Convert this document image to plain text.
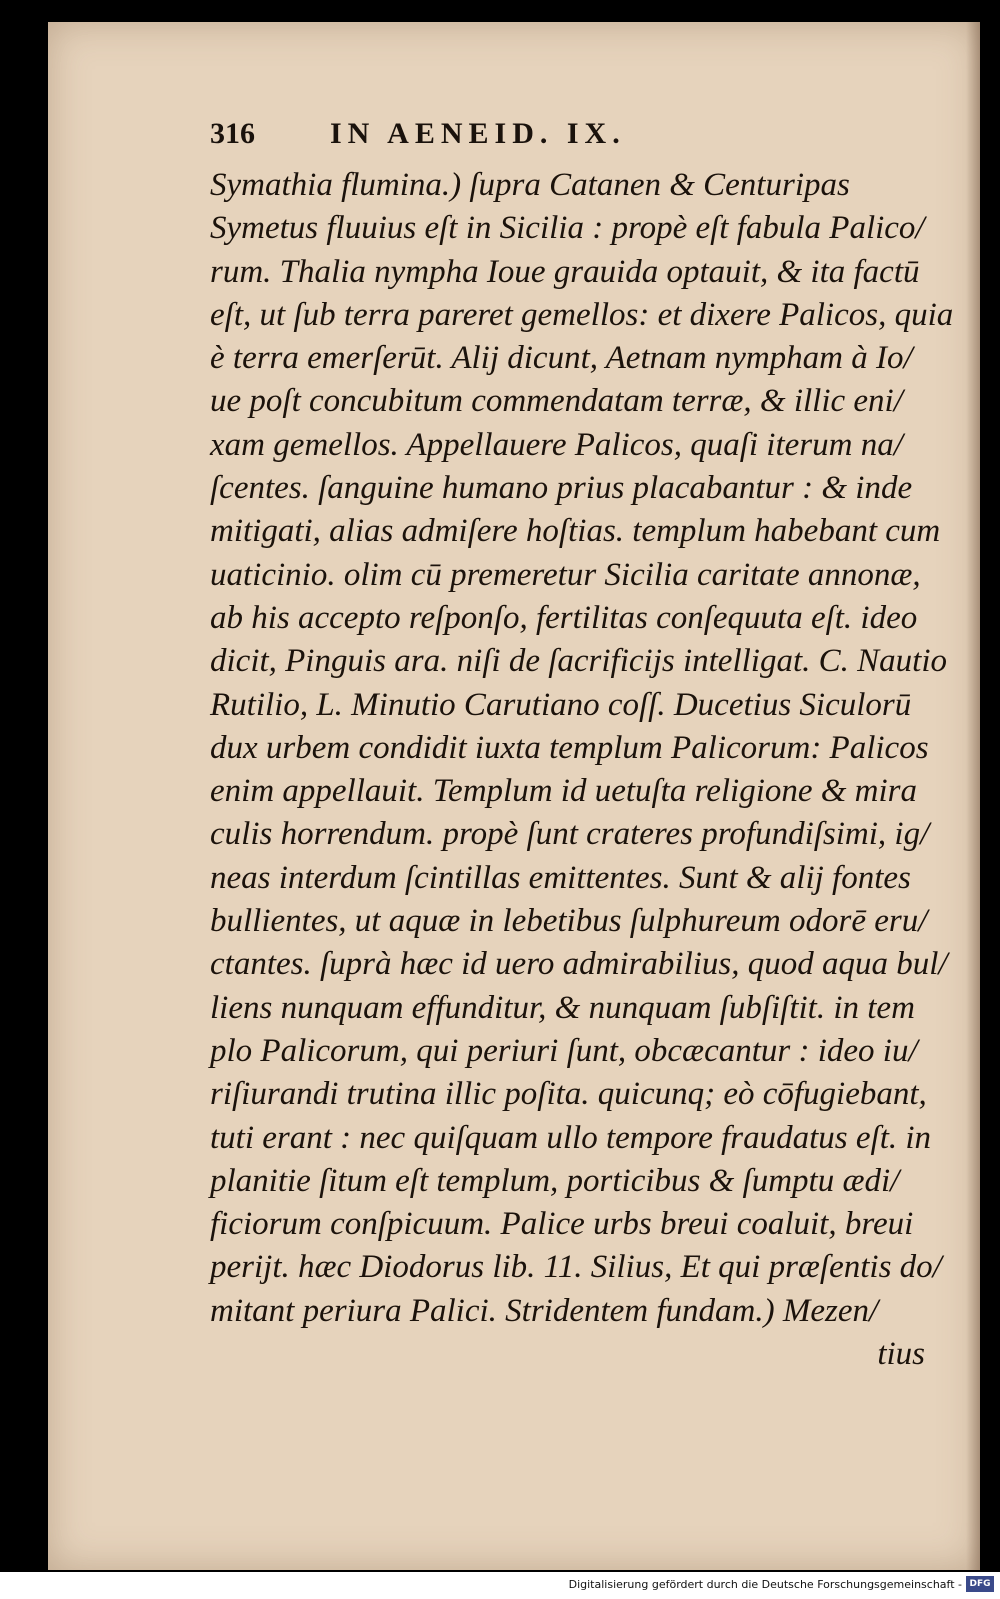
316	IN AENEID. IX.
Symathia flumina.) ſupra Catanen & Centuripas
Symetus fluuius eſt in Sicilia : propè eſt fabula Palico/
rum. Thalia nympha Ioue grauida optauit, & ita factū
eſt, ut ſub terra pareret gemellos: et dixere Palicos, quia
è terra emerſerūt. Alij dicunt, Aetnam nympham à Io/
ue poſt concubitum commendatam terræ, & illic eni/
xam gemellos. Appellauere Palicos, quaſi iterum na/
ſcentes. ſanguine humano prius placabantur : & inde
mitigati, alias admiſere hoſtias. templum habebant cum
uaticinio. olim cū premeretur Sicilia caritate annonæ,
ab his accepto reſponſo, fertilitas conſequuta eſt. ideo
dicit, Pinguis ara. niſi de ſacrificijs intelligat. C. Nautio
Rutilio, L. Minutio Carutiano coſſ. Ducetius Siculorū
dux urbem condidit iuxta templum Palicorum: Palicos
enim appellauit. Templum id uetuſta religione & mira
culis horrendum. propè ſunt crateres profundiſsimi, ig/
neas interdum ſcintillas emittentes. Sunt & alij fontes
bullientes, ut aquæ in lebetibus ſulphureum odorē eru/
ctantes. ſuprà hæc id uero admirabilius, quod aqua bul/
liens nunquam effunditur, & nunquam ſubſiſtit. in tem
plo Palicorum, qui periuri ſunt, obcæcantur : ideo iu/
riſiurandi trutina illic poſita. quicunq; eò cōfugiebant,
tuti erant : nec quiſquam ullo tempore fraudatus eſt. in
planitie ſitum eſt templum, porticibus & ſumptu ædi/
ficiorum conſpicuum. Palice urbs breui coaluit, breui
perijt. hæc Diodorus lib. 11. Silius, Et qui præſentis do/
mitant periura Palici. Stridentem fundam.) Mezen/
tius
Digitalisierung gefördert durch die Deutsche Forschungsgemeinschaft - DFG
